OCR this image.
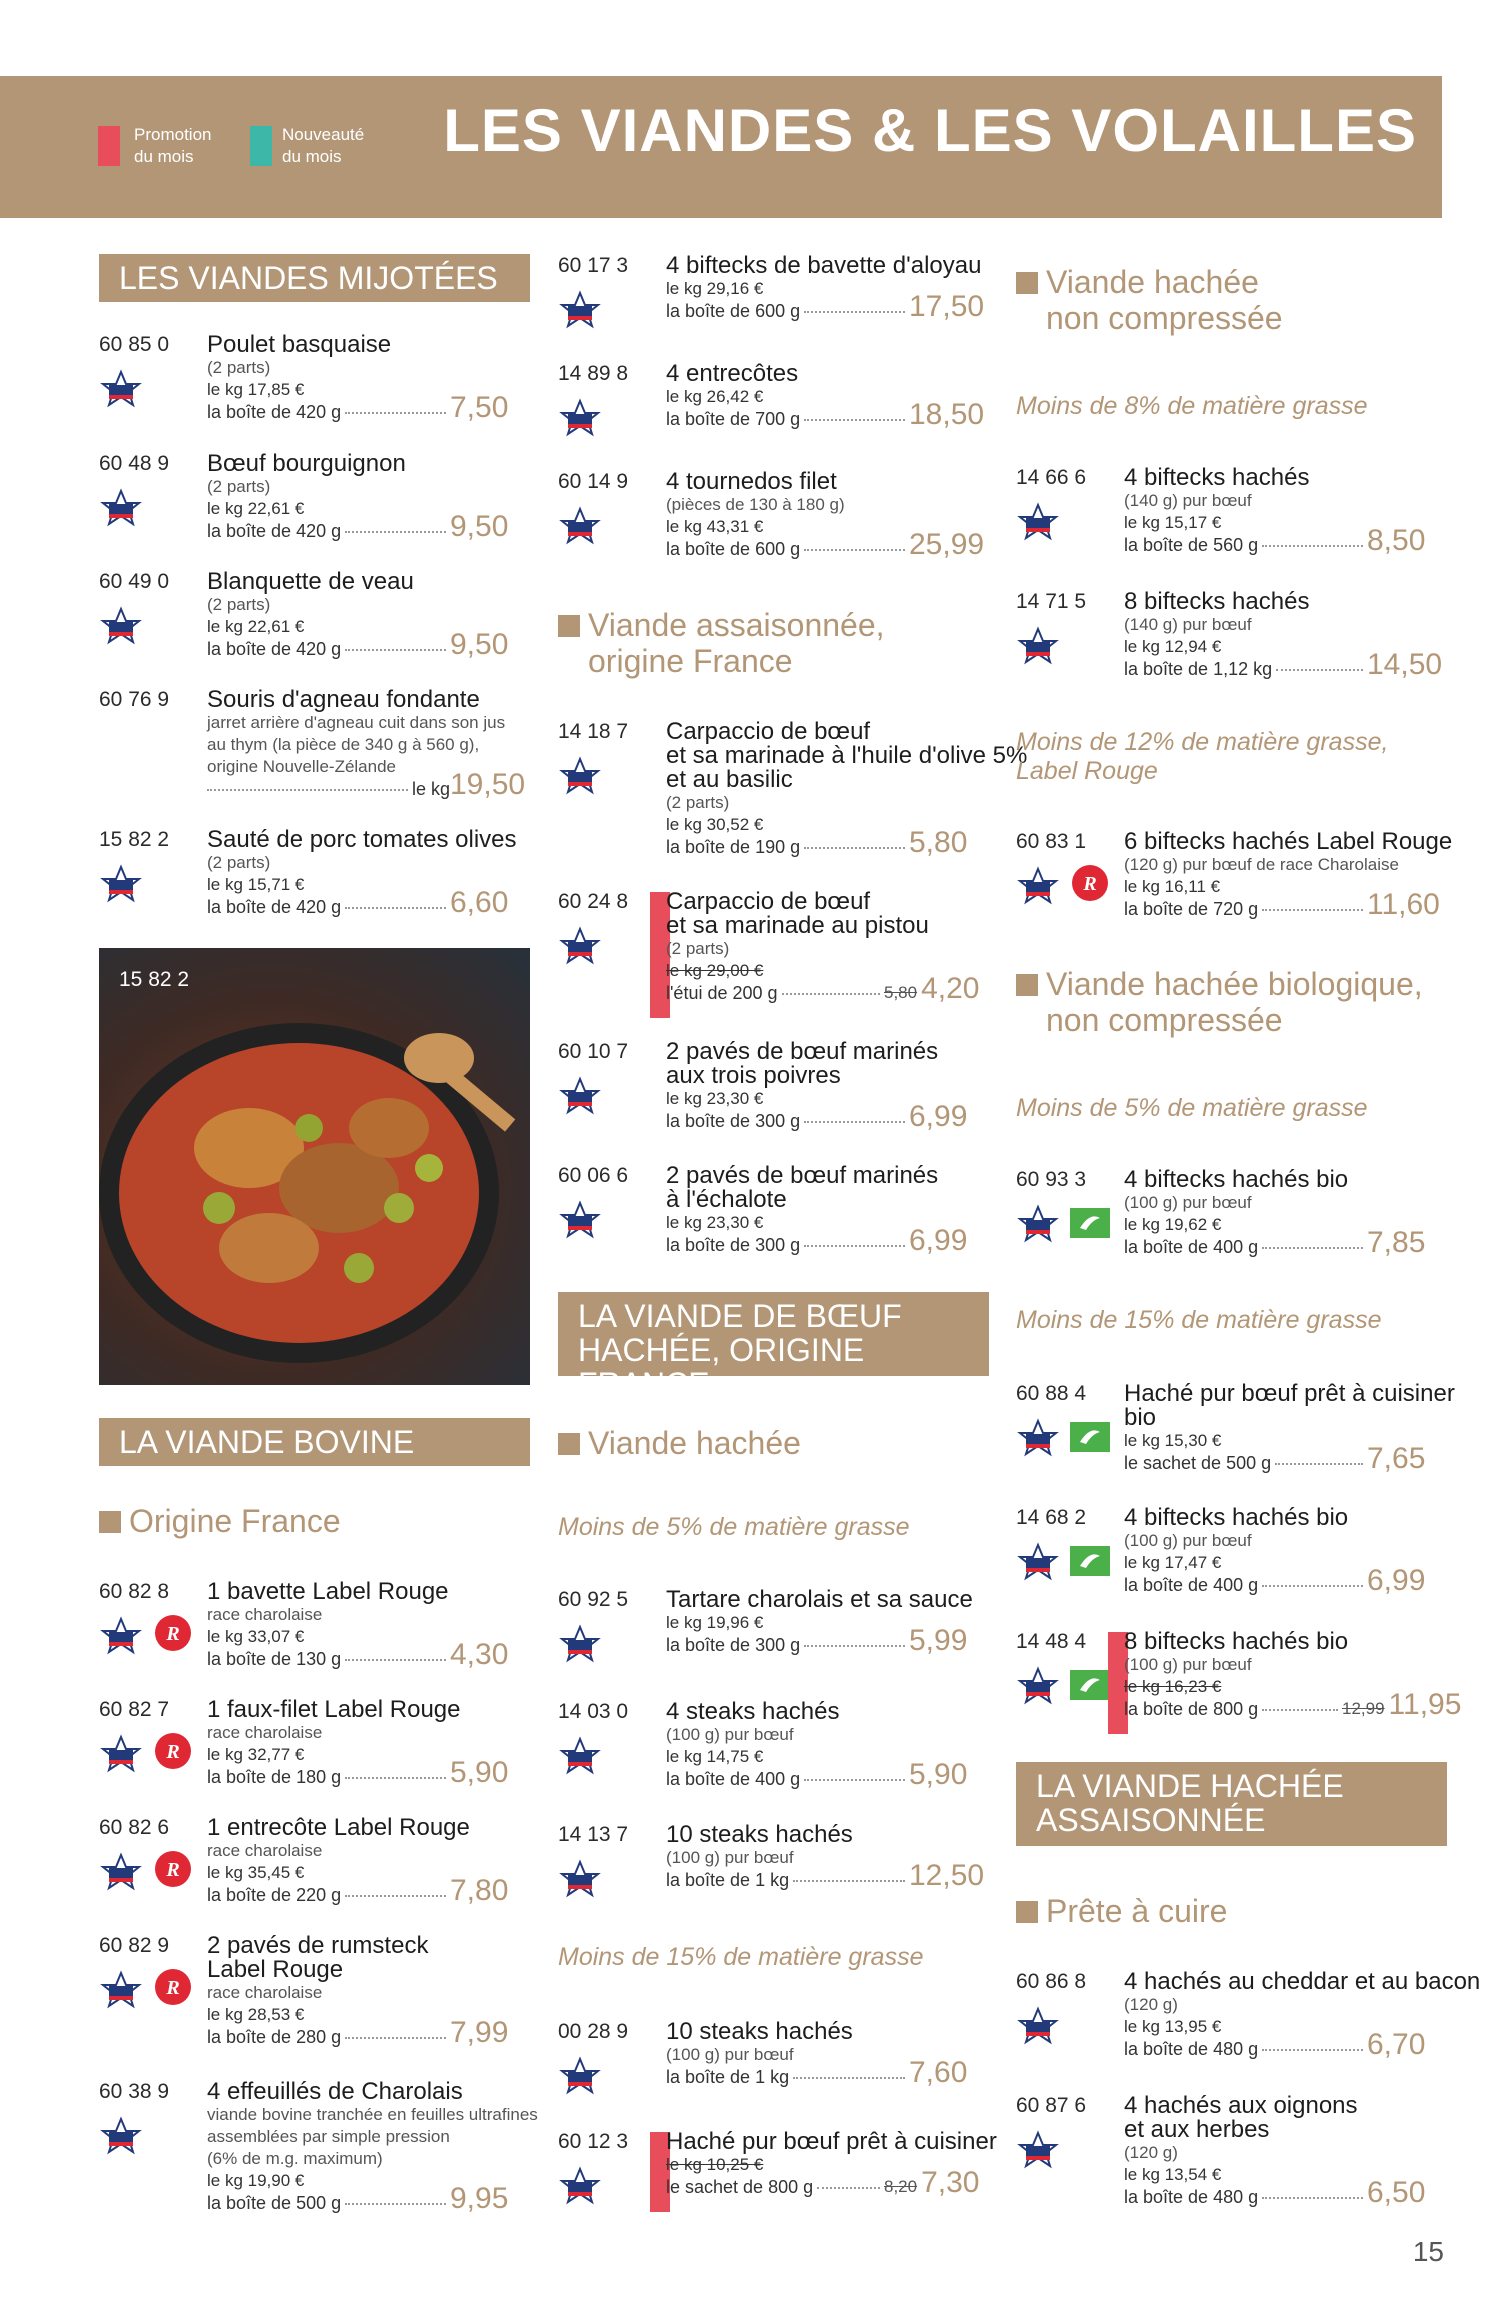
Promotion
du mois
Nouveauté
du mois	LES VIANDES & LES VOLAILLES
LES VIANDES MIJOTÉES
60 85 0 Poulet basquaise
(2 parts)
le kg 17,85 €
la boîte de 420 g	7,50
60 48 9 Bœuf bourguignon
(2 parts)
le kg 22,61 €
la boîte de 420 g	9,50
60 49 0 Blanquette de veau
(2 parts)
le kg 22,61 €
la boîte de 420 g	9,50
60 76 9 Souris d'agneau fondante
jarret arrière d'agneau cuit dans son jus
au thym (la pièce de 340 g à 560 g),
origine Nouvelle-Zélande
le kg 19,50
15 82 2 Sauté de porc tomates olives
(2 parts)
le kg 15,71 €
la boîte de 420 g	6,60
LA VIANDE BOVINE
Origine France
60 82 8
R
1 bavette Label Rouge
race charolaise
le kg 33,07 €
la boîte de 130 g	4,30
60 82 7
R
1 faux-filet Label Rouge
race charolaise
le kg 32,77 €
la boîte de 180 g	5,90
60 82 6
R
1 entrecôte Label Rouge
race charolaise
le kg 35,45 €
la boîte de 220 g	7,80
60 82 9
R
2 pavés de rumsteck
Label Rouge
race charolaise
le kg 28,53 €
la boîte de 280 g	7,99
60 38 9 4 effeuillés de Charolais
viande bovine tranchée en feuilles ultrafines
assemblées par simple pression
(6% de m.g. maximum)
le kg 19,90 €
la boîte de 500 g	9,95
60 17 3 4 biftecks de bavette d'aloyau
le kg 29,16 €
la boîte de 600 g	17,50
14 89 8 4 entrecôtes
le kg 26,42 €
la boîte de 700 g	18,50
60 14 9 4 tournedos filet
(pièces de 130 à 180 g)
le kg 43,31 €
la boîte de 600 g	25,99
Viande assaisonnée,
origine France
14 18 7 Carpaccio de bœuf
et sa marinade à l'huile d'olive 5%
et au basilic
(2 parts)
le kg 30,52 €
la boîte de 190 g	5,80
60 24 8 Carpaccio de bœuf
et sa marinade au pistou
(2 parts)
le kg 29,00 €
l'étui de 200 g	5,80 4,20
60 10 7 2 pavés de bœuf marinés
aux trois poivres
le kg 23,30 €
la boîte de 300 g	6,99
60 06 6 2 pavés de bœuf marinés
à l'échalote
le kg 23,30 €
la boîte de 300 g	6,99
LA VIANDE DE BŒUF
HACHÉE, ORIGINE FRANCE
Viande hachée
Moins de 5% de matière grasse
60 92 5 Tartare charolais et sa sauce
le kg 19,96 €
la boîte de 300 g	5,99
14 03 0 4 steaks hachés
(100 g) pur bœuf
le kg 14,75 €
la boîte de 400 g	5,90
14 13 7 10 steaks hachés
(100 g) pur bœuf
la boîte de 1 kg	12,50
Moins de 15% de matière grasse
00 28 9 10 steaks hachés
(100 g) pur bœuf
la boîte de 1 kg	7,60
60 12 3 Haché pur bœuf prêt à cuisiner
le kg 10,25 €
le sachet de 800 g	8,20 7,30
Viande hachée
non compressée
Moins de 8% de matière grasse
14 66 6 4 biftecks hachés
(140 g) pur bœuf
le kg 15,17 €
la boîte de 560 g	8,50
14 71 5 8 biftecks hachés
(140 g) pur bœuf
le kg 12,94 €
la boîte de 1,12 kg	14,50
Moins de 12% de matière grasse,
Label Rouge
60 83 1
R
6 biftecks hachés Label Rouge
(120 g) pur bœuf de race Charolaise
le kg 16,11 €
la boîte de 720 g	11,60
Viande hachée biologique,
non compressée
Moins de 5% de matière grasse
60 93 3 4 biftecks hachés bio
(100 g) pur bœuf
le kg 19,62 €
la boîte de 400 g	7,85
Moins de 15% de matière grasse
60 88 4 Haché pur bœuf prêt à cuisiner
bio
le kg 15,30 €
le sachet de 500 g	7,65
14 68 2 4 biftecks hachés bio
(100 g) pur bœuf
le kg 17,47 €
la boîte de 400 g	6,99
14 48 4 8 biftecks hachés bio
(100 g) pur bœuf
le kg 16,23 €
la boîte de 800 g	12,99 11,95
LA VIANDE HACHÉE
ASSAISONNÉE
Prête à cuire
60 86 8 4 hachés au cheddar et au bacon
(120 g)
le kg 13,95 €
la boîte de 480 g	6,70
60 87 6 4 hachés aux oignons
et aux herbes
(120 g)
le kg 13,54 €
la boîte de 480 g	6,50
15 82 2
15
